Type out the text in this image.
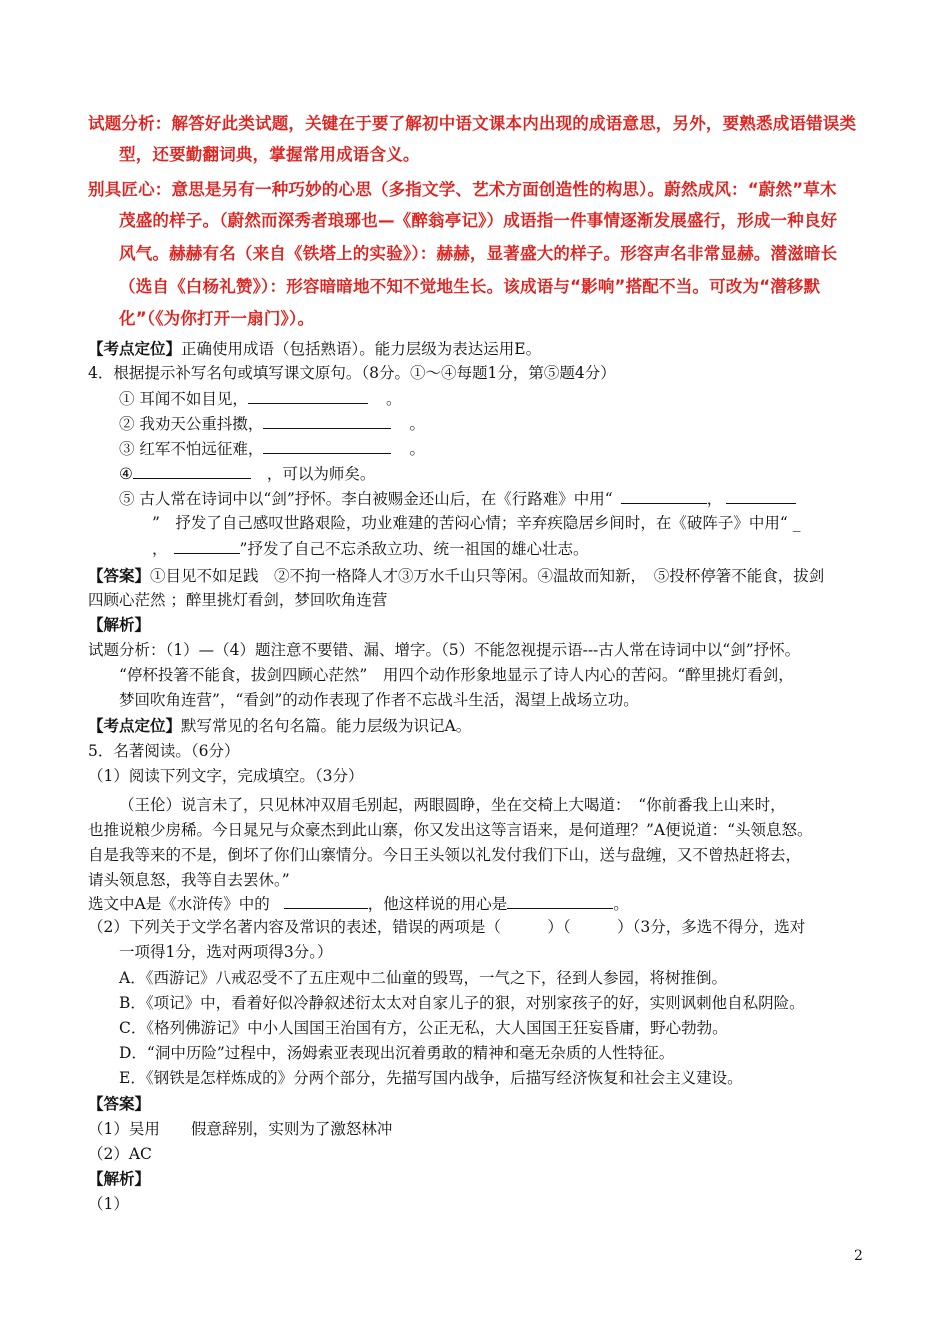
试题分析：解答好此类试题，关键在于要了解初中语文课本内出现的成语意思，另外，要熟悉成语错误类
型，还要勤翻词典，掌握常用成语含义。
别具匠心：意思是另有一种巧妙的心思（多指文学、艺术方面创造性的构思）。蔚然成风：“蔚然”草木
茂盛的样子。（蔚然而深秀者琅琊也—《醉翁亭记》）成语指一件事情逐渐发展盛行，形成一种良好
风气。赫赫有名（来自《铁塔上的实验》）：赫赫，显著盛大的样子。形容声名非常显赫。潜滋暗长
（选自《白杨礼赞》）：形容暗暗地不知不觉地生长。该成语与“影响”搭配不当。可改为“潜移默
化”（《为你打开一扇门》）。
【考点定位】正确使用成语（包括熟语）。能力层级为表达运用E。
4．根据提示补写名句或填写课文原句。（8分。①～④每题1分，第⑤题4分）
① 耳闻不如目见，	。
② 我劝天公重抖擞，	。
③ 红军不怕远征难，	。
④	，可以为师矣。
⑤ 古人常在诗词中以“剑”抒怀。李白被赐金还山后，在《行路难》中用“	，
”　抒发了自己感叹世路艰险，功业难建的苦闷心情；辛弃疾隐居乡间时，在《破阵子》中用“ _
，	”抒发了自己不忘杀敌立功、统一祖国的雄心壮志。
【答案】①目见不如足践　②不拘一格降人才③万水千山只等闲。④温故而知新，　⑤投杯停箸不能食，拔剑
四顾心茫然 ；醉里挑灯看剑，梦回吹角连营
【解析】
试题分析：（1）—（4）题注意不要错、漏、增字。（5）不能忽视提示语---古人常在诗词中以“剑”抒怀。
“停杯投箸不能食，拔剑四顾心茫然”　用四个动作形象地显示了诗人内心的苦闷。“醉里挑灯看剑，
梦回吹角连营”，“看剑”的动作表现了作者不忘战斗生活，渴望上战场立功。
【考点定位】默写常见的名句名篇。能力层级为识记A。
5．名著阅读。（6分）
（1）阅读下列文字，完成填空。（3分）
（王伦）说言未了，只见林冲双眉毛别起，两眼圆睁，坐在交椅上大喝道：　“你前番我上山来时，
也推说粮少房稀。今日晁兄与众豪杰到此山寨，你又发出这等言语来，是何道理？”A便说道：“头领息怒。
自是我等来的不是，倒坏了你们山寨情分。今日王头领以礼发付我们下山，送与盘缠，又不曾热赶将去，
请头领息怒，我等自去罢休。”
选文中A是《水浒传》中的	，他这样说的用心是	。
（2）下列关于文学名著内容及常识的表述，错误的两项是（　　　）（　　　）（3分，多选不得分，选对
一项得1分，选对两项得3分。）
A．《西游记》八戒忍受不了五庄观中二仙童的毁骂，一气之下，径到人参园，将树推倒。
B．《项记》中，看着好似冷静叙述衍太太对自家儿子的狠，对别家孩子的好，实则讽刺他自私阴险。
C．《格列佛游记》中小人国国王治国有方，公正无私，大人国国王狂妄昏庸，野心勃勃。
D．“洞中历险”过程中，汤姆索亚表现出沉着勇敢的精神和毫无杂质的人性特征。
E．《钢铁是怎样炼成的》分两个部分，先描写国内战争，后描写经济恢复和社会主义建设。
【答案】
（1）吴用　　假意辞别，实则为了激怒林冲
（2）AC
【解析】
（1）
2
